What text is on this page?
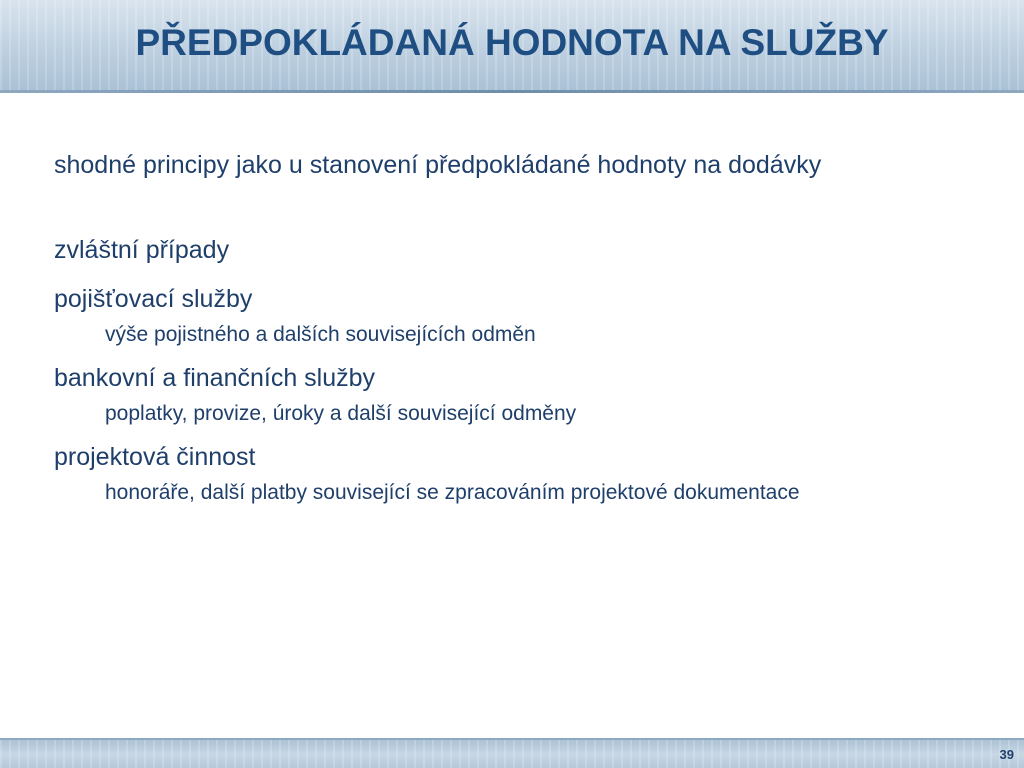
PŘEDPOKLÁDANÁ HODNOTA NA SLUŽBY

shodné principy jako u stanovení předpokládané hodnoty na dodávky

zvláštní případy

pojišťovací služby

výše pojistného a dalších souvisejících odměn

bankovní a finančních služby

poplatky, provize, úroky a další související odměny

projektová činnost

honoráře, další platby související se zpracováním projektové dokumentace

39
